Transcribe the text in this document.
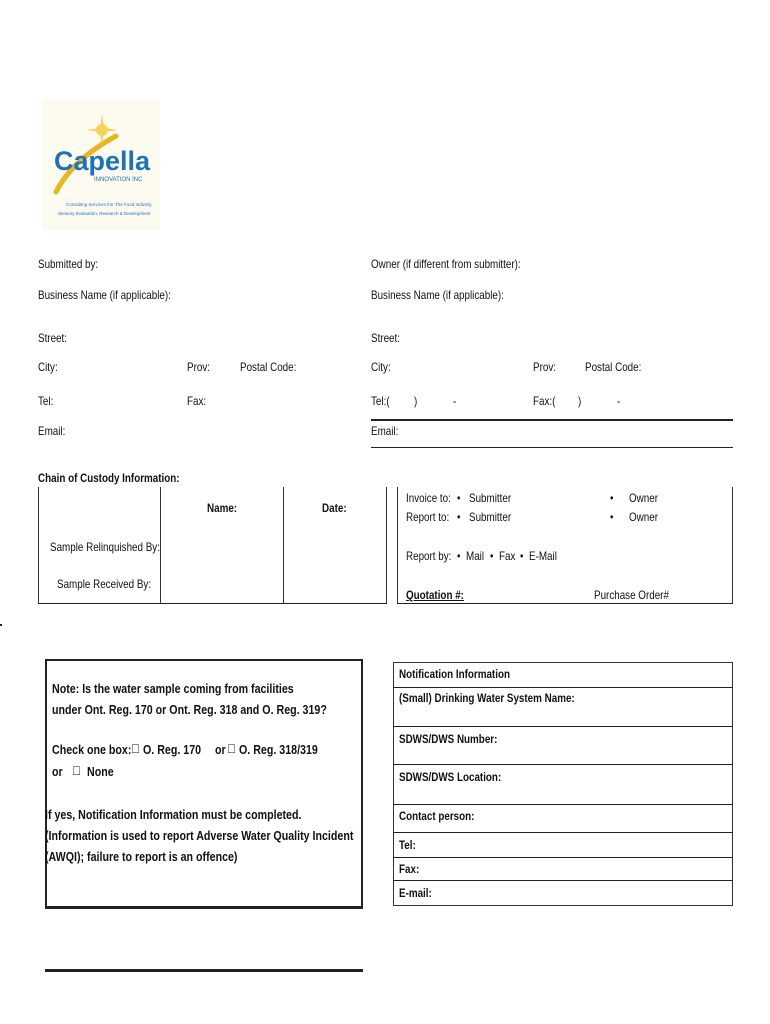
Capella
INNOVATION INC
Consulting Services For The Food Industry
Sensory Evaluation, Research & Development
Submitted by:
Business Name (if applicable):
Street:
City:	Prov:	Postal Code:
Tel:	Fax:
Email:
Owner (if different from submitter):
Business Name (if applicable):
Street:
City:	Prov: Postal Code:
Tel:( )	-	Fax:( )	-
Email:
Chain of Custody Information:
Name:	Date:
Sample Relinquished By:
Sample Received By:
Invoice to: • Submitter	• Owner
Report to: • Submitter	• Owner
Report by: • Mail • Fax • E-Mail
Quotation #:	Purchase Order#
Note: Is the water sample coming from facilities
under Ont. Reg. 170 or Ont. Reg. 318 and O. Reg. 319?
Check one box: □ O. Reg. 170 or □ O. Reg. 318/319
or □ None
If yes, Notification Information must be completed.
(Information is used to report Adverse Water Quality Incident
(AWQI); failure to report is an offence)
Notification Information
(Small) Drinking Water System Name:
SDWS/DWS Number:
SDWS/DWS Location:
Contact person:
Tel:
Fax:
E-mail:
